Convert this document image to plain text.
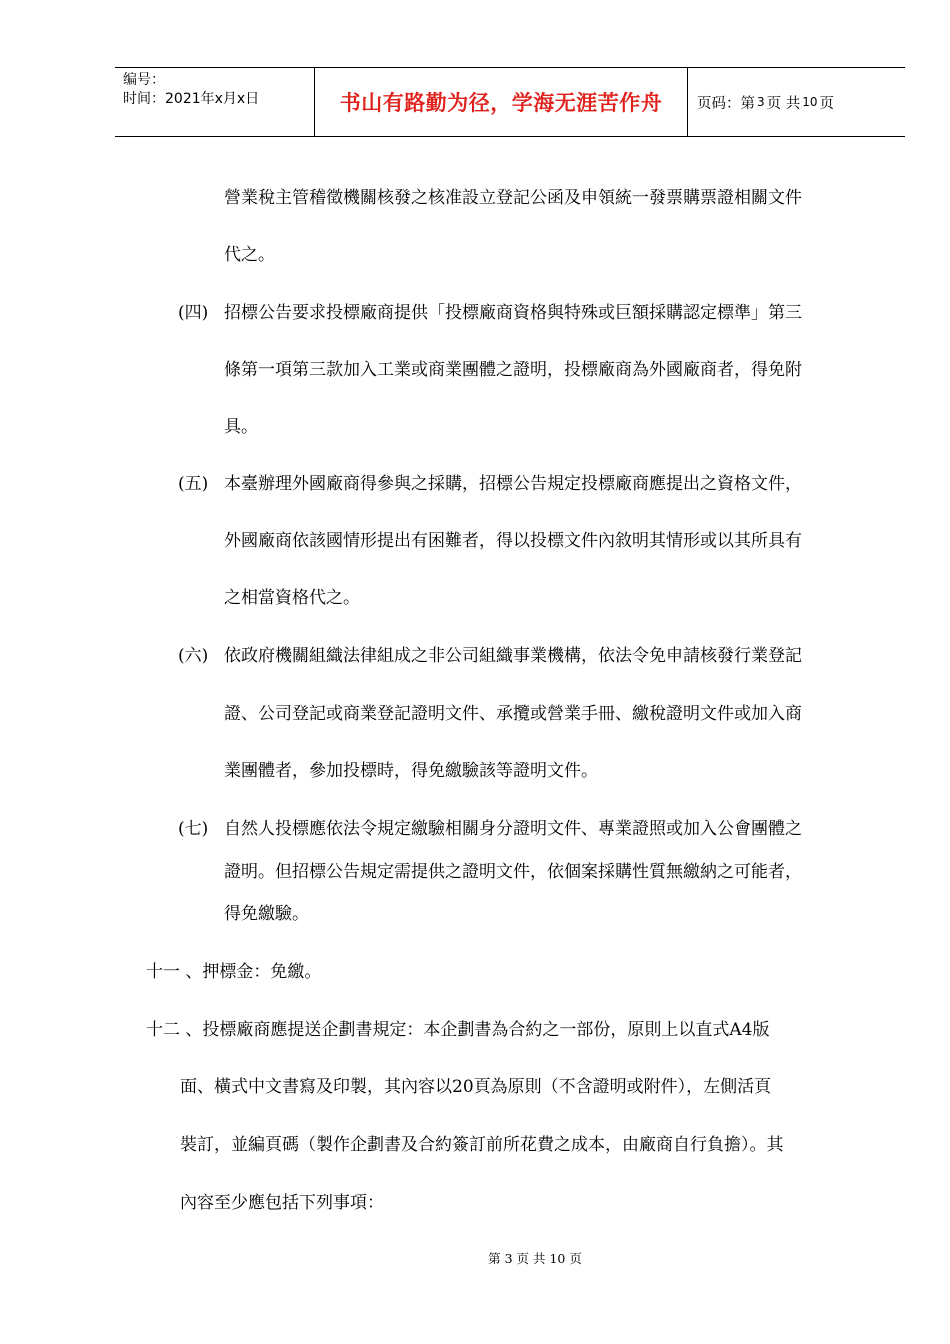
编号：
时间：2021年x月x日	书山有路勤为径，学海无涯苦作舟	页码：第 3 页 共 10 页
營業稅主管稽徵機關核發之核准設立登記公函及申領統一發票購票證相關文件
代之。
(四) 招標公告要求投標廠商提供「投標廠商資格與特殊或巨額採購認定標準」第三
條第一項第三款加入工業或商業團體之證明，投標廠商為外國廠商者，得免附
具。
(五) 本臺辦理外國廠商得參與之採購，招標公告規定投標廠商應提出之資格文件，
外國廠商依該國情形提出有困難者，得以投標文件內敘明其情形或以其所具有
之相當資格代之。
(六) 依政府機關組織法律組成之非公司組織事業機構，依法令免申請核發行業登記
證、公司登記或商業登記證明文件、承攬或營業手冊、繳稅證明文件或加入商
業團體者，參加投標時，得免繳驗該等證明文件。
(七) 自然人投標應依法令規定繳驗相關身分證明文件、專業證照或加入公會團體之
證明。但招標公告規定需提供之證明文件，依個案採購性質無繳納之可能者，
得免繳驗。
十一 、押標金：免繳。
十二 、投標廠商應提送企劃書規定：本企劃書為合約之一部份，原則上以直式A4版
面、橫式中文書寫及印製，其內容以20頁為原則（不含證明或附件），左側活頁
裝訂，並編頁碼（製作企劃書及合約簽訂前所花費之成本，由廠商自行負擔）。其
內容至少應包括下列事項：
第 3 页 共 10 页
